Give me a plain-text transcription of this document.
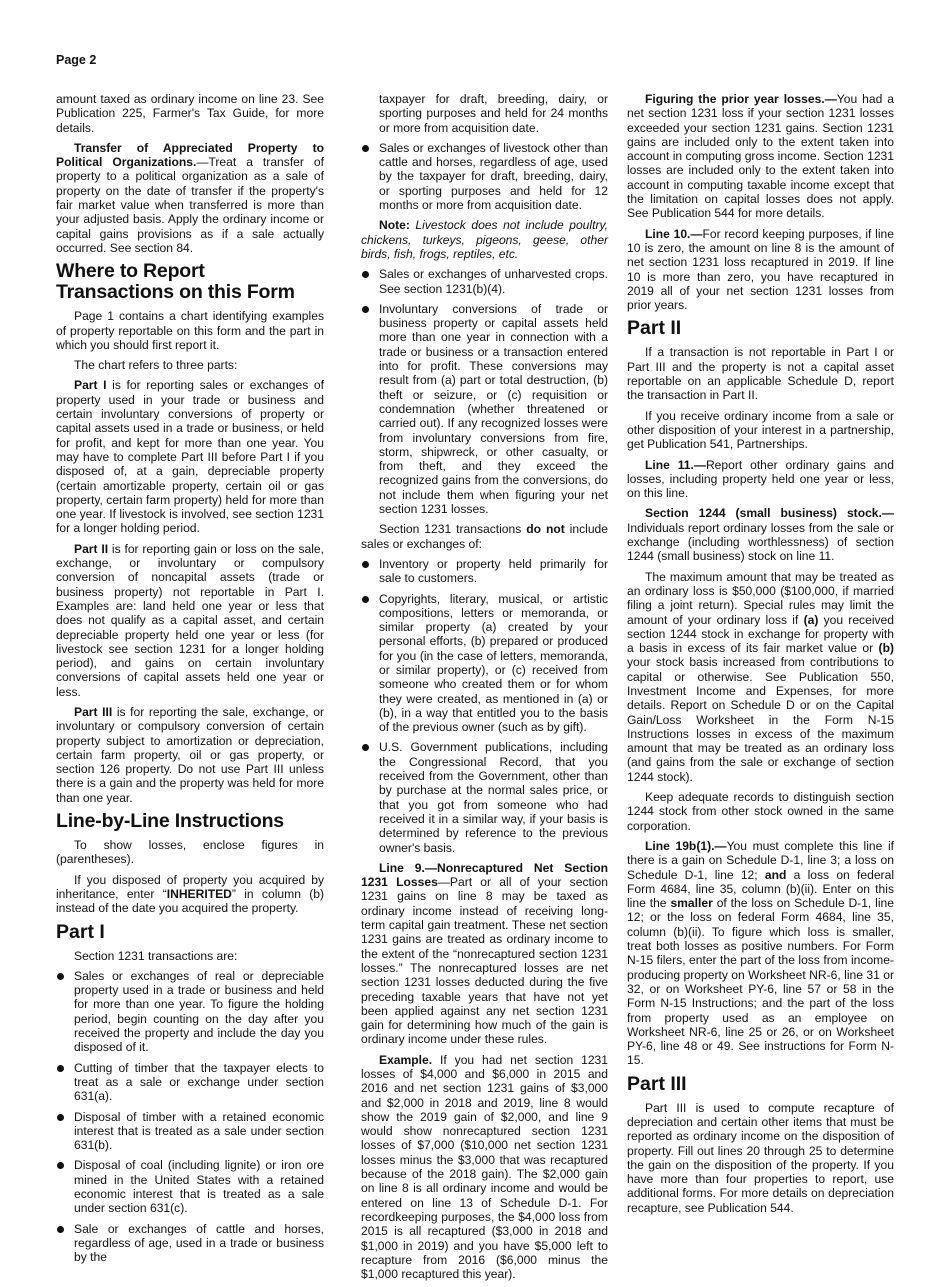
Page 2

amount taxed as ordinary income on line 23. See Publication 225, Farmer's Tax Guide, for more details.

Transfer of Appreciated Property to Political Organizations.—Treat a transfer of property to a political organization as a sale of property on the date of transfer if the property's fair market value when transferred is more than your adjusted basis. Apply the ordinary income or capital gains provisions as if a sale actually occurred. See section 84.

Where to Report Transactions on this Form

Page 1 contains a chart identifying examples of property reportable on this form and the part in which you should first report it.

The chart refers to three parts:

Part I is for reporting sales or exchanges of property used in your trade or business and certain involuntary conversions of property or capital assets used in a trade or business, or held for profit, and kept for more than one year. You may have to complete Part III before Part I if you disposed of, at a gain, depreciable property (certain amortizable property, certain oil or gas property, certain farm property) held for more than one year. If livestock is involved, see section 1231 for a longer holding period.

Part II is for reporting gain or loss on the sale, exchange, or involuntary or compulsory conversion of noncapital assets (trade or business property) not reportable in Part I. Examples are: land held one year or less that does not qualify as a capital asset, and certain depreciable property held one year or less (for livestock see section 1231 for a longer holding period), and gains on certain involuntary conversions of capital assets held one year or less.

Part III is for reporting the sale, exchange, or involuntary or compulsory conversion of certain property subject to amortization or depreciation, certain farm property, oil or gas property, or section 126 property. Do not use Part III unless there is a gain and the property was held for more than one year.

Line-by-Line Instructions

To show losses, enclose figures in (parentheses).

If you disposed of property you acquired by inheritance, enter “INHERITED” in column (b) instead of the date you acquired the property.

Part I

Section 1231 transactions are:

Sales or exchanges of real or depreciable property used in a trade or business and held for more than one year. To figure the holding period, begin counting on the day after you received the property and include the day you disposed of it.
Cutting of timber that the taxpayer elects to treat as a sale or exchange under section 631(a).
Disposal of timber with a retained economic interest that is treated as a sale under section 631(b).
Disposal of coal (including lignite) or iron ore mined in the United States with a retained economic interest that is treated as a sale under section 631(c).
Sale or exchanges of cattle and horses, regardless of age, used in a trade or business by the

taxpayer for draft, breeding, dairy, or sporting purposes and held for 24 months or more from acquisition date.

Sales or exchanges of livestock other than cattle and horses, regardless of age, used by the taxpayer for draft, breeding, dairy, or sporting purposes and held for 12 months or more from acquisition date.

Note: Livestock does not include poultry, chickens, turkeys, pigeons, geese, other birds, fish, frogs, reptiles, etc.

Sales or exchanges of unharvested crops. See section 1231(b)(4).
Involuntary conversions of trade or business property or capital assets held more than one year in connection with a trade or business or a transaction entered into for profit. These conversions may result from (a) part or total destruction, (b) theft or seizure, or (c) requisition or condemnation (whether threatened or carried out). If any recognized losses were from involuntary conversions from fire, storm, shipwreck, or other casualty, or from theft, and they exceed the recognized gains from the conversions, do not include them when figuring your net section 1231 losses.

Section 1231 transactions do not include sales or exchanges of:

Inventory or property held primarily for sale to customers.
Copyrights, literary, musical, or artistic compositions, letters or memoranda, or similar property (a) created by your personal efforts, (b) prepared or produced for you (in the case of letters, memoranda, or similar property), or (c) received from someone who created them or for whom they were created, as mentioned in (a) or (b), in a way that entitled you to the basis of the previous owner (such as by gift).
U.S. Government publications, including the Congressional Record, that you received from the Government, other than by purchase at the normal sales price, or that you got from someone who had received it in a similar way, if your basis is determined by reference to the previous owner's basis.

Line 9.—Nonrecaptured Net Section 1231 Losses—Part or all of your section 1231 gains on line 8 may be taxed as ordinary income instead of receiving long-term capital gain treatment. These net section 1231 gains are treated as ordinary income to the extent of the “nonrecaptured section 1231 losses.” The nonrecaptured losses are net section 1231 losses deducted during the five preceding taxable years that have not yet been applied against any net section 1231 gain for determining how much of the gain is ordinary income under these rules.

Example. If you had net section 1231 losses of $4,000 and $6,000 in 2015 and 2016 and net section 1231 gains of $3,000 and $2,000 in 2018 and 2019, line 8 would show the 2019 gain of $2,000, and line 9 would show nonrecaptured section 1231 losses of $7,000 ($10,000 net section 1231 losses minus the $3,000 that was recaptured because of the 2018 gain). The $2,000 gain on line 8 is all ordinary income and would be entered on line 13 of Schedule D-1. For recordkeeping purposes, the $4,000 loss from 2015 is all recaptured ($3,000 in 2018 and $1,000 in 2019) and you have $5,000 left to recapture from 2016 ($6,000 minus the $1,000 recaptured this year).

Figuring the prior year losses.—You had a net section 1231 loss if your section 1231 losses exceeded your section 1231 gains. Section 1231 gains are included only to the extent taken into account in computing gross income. Section 1231 losses are included only to the extent taken into account in computing taxable income except that the limitation on capital losses does not apply. See Publication 544 for more details.

Line 10.—For record keeping purposes, if line 10 is zero, the amount on line 8 is the amount of net section 1231 loss recaptured in 2019. If line 10 is more than zero, you have recaptured in 2019 all of your net section 1231 losses from prior years.

Part II

If a transaction is not reportable in Part I or Part III and the property is not a capital asset reportable on an applicable Schedule D, report the transaction in Part II.

If you receive ordinary income from a sale or other disposition of your interest in a partnership, get Publication 541, Partnerships.

Line 11.—Report other ordinary gains and losses, including property held one year or less, on this line.

Section 1244 (small business) stock.—Individuals report ordinary losses from the sale or exchange (including worthlessness) of section 1244 (small business) stock on line 11.

The maximum amount that may be treated as an ordinary loss is $50,000 ($100,000, if married filing a joint return). Special rules may limit the amount of your ordinary loss if (a) you received section 1244 stock in exchange for property with a basis in excess of its fair market value or (b) your stock basis increased from contributions to capital or otherwise. See Publication 550, Investment Income and Expenses, for more details. Report on Schedule D or on the Capital Gain/Loss Worksheet in the Form N-15 Instructions losses in excess of the maximum amount that may be treated as an ordinary loss (and gains from the sale or exchange of section 1244 stock).

Keep adequate records to distinguish section 1244 stock from other stock owned in the same corporation.

Line 19b(1).—You must complete this line if there is a gain on Schedule D-1, line 3; a loss on Schedule D-1, line 12; and a loss on federal Form 4684, line 35, column (b)(ii). Enter on this line the smaller of the loss on Schedule D-1, line 12; or the loss on federal Form 4684, line 35, column (b)(ii). To figure which loss is smaller, treat both losses as positive numbers. For Form N-15 filers, enter the part of the loss from income-producing property on Worksheet NR-6, line 31 or 32, or on Worksheet PY-6, line 57 or 58 in the Form N-15 Instructions; and the part of the loss from property used as an employee on Worksheet NR-6, line 25 or 26, or on Worksheet PY-6, line 48 or 49. See instructions for Form N-15.

Part III

Part III is used to compute recapture of depreciation and certain other items that must be reported as ordinary income on the disposition of property. Fill out lines 20 through 25 to determine the gain on the disposition of the property. If you have more than four properties to report, use additional forms. For more details on depreciation recapture, see Publication 544.
